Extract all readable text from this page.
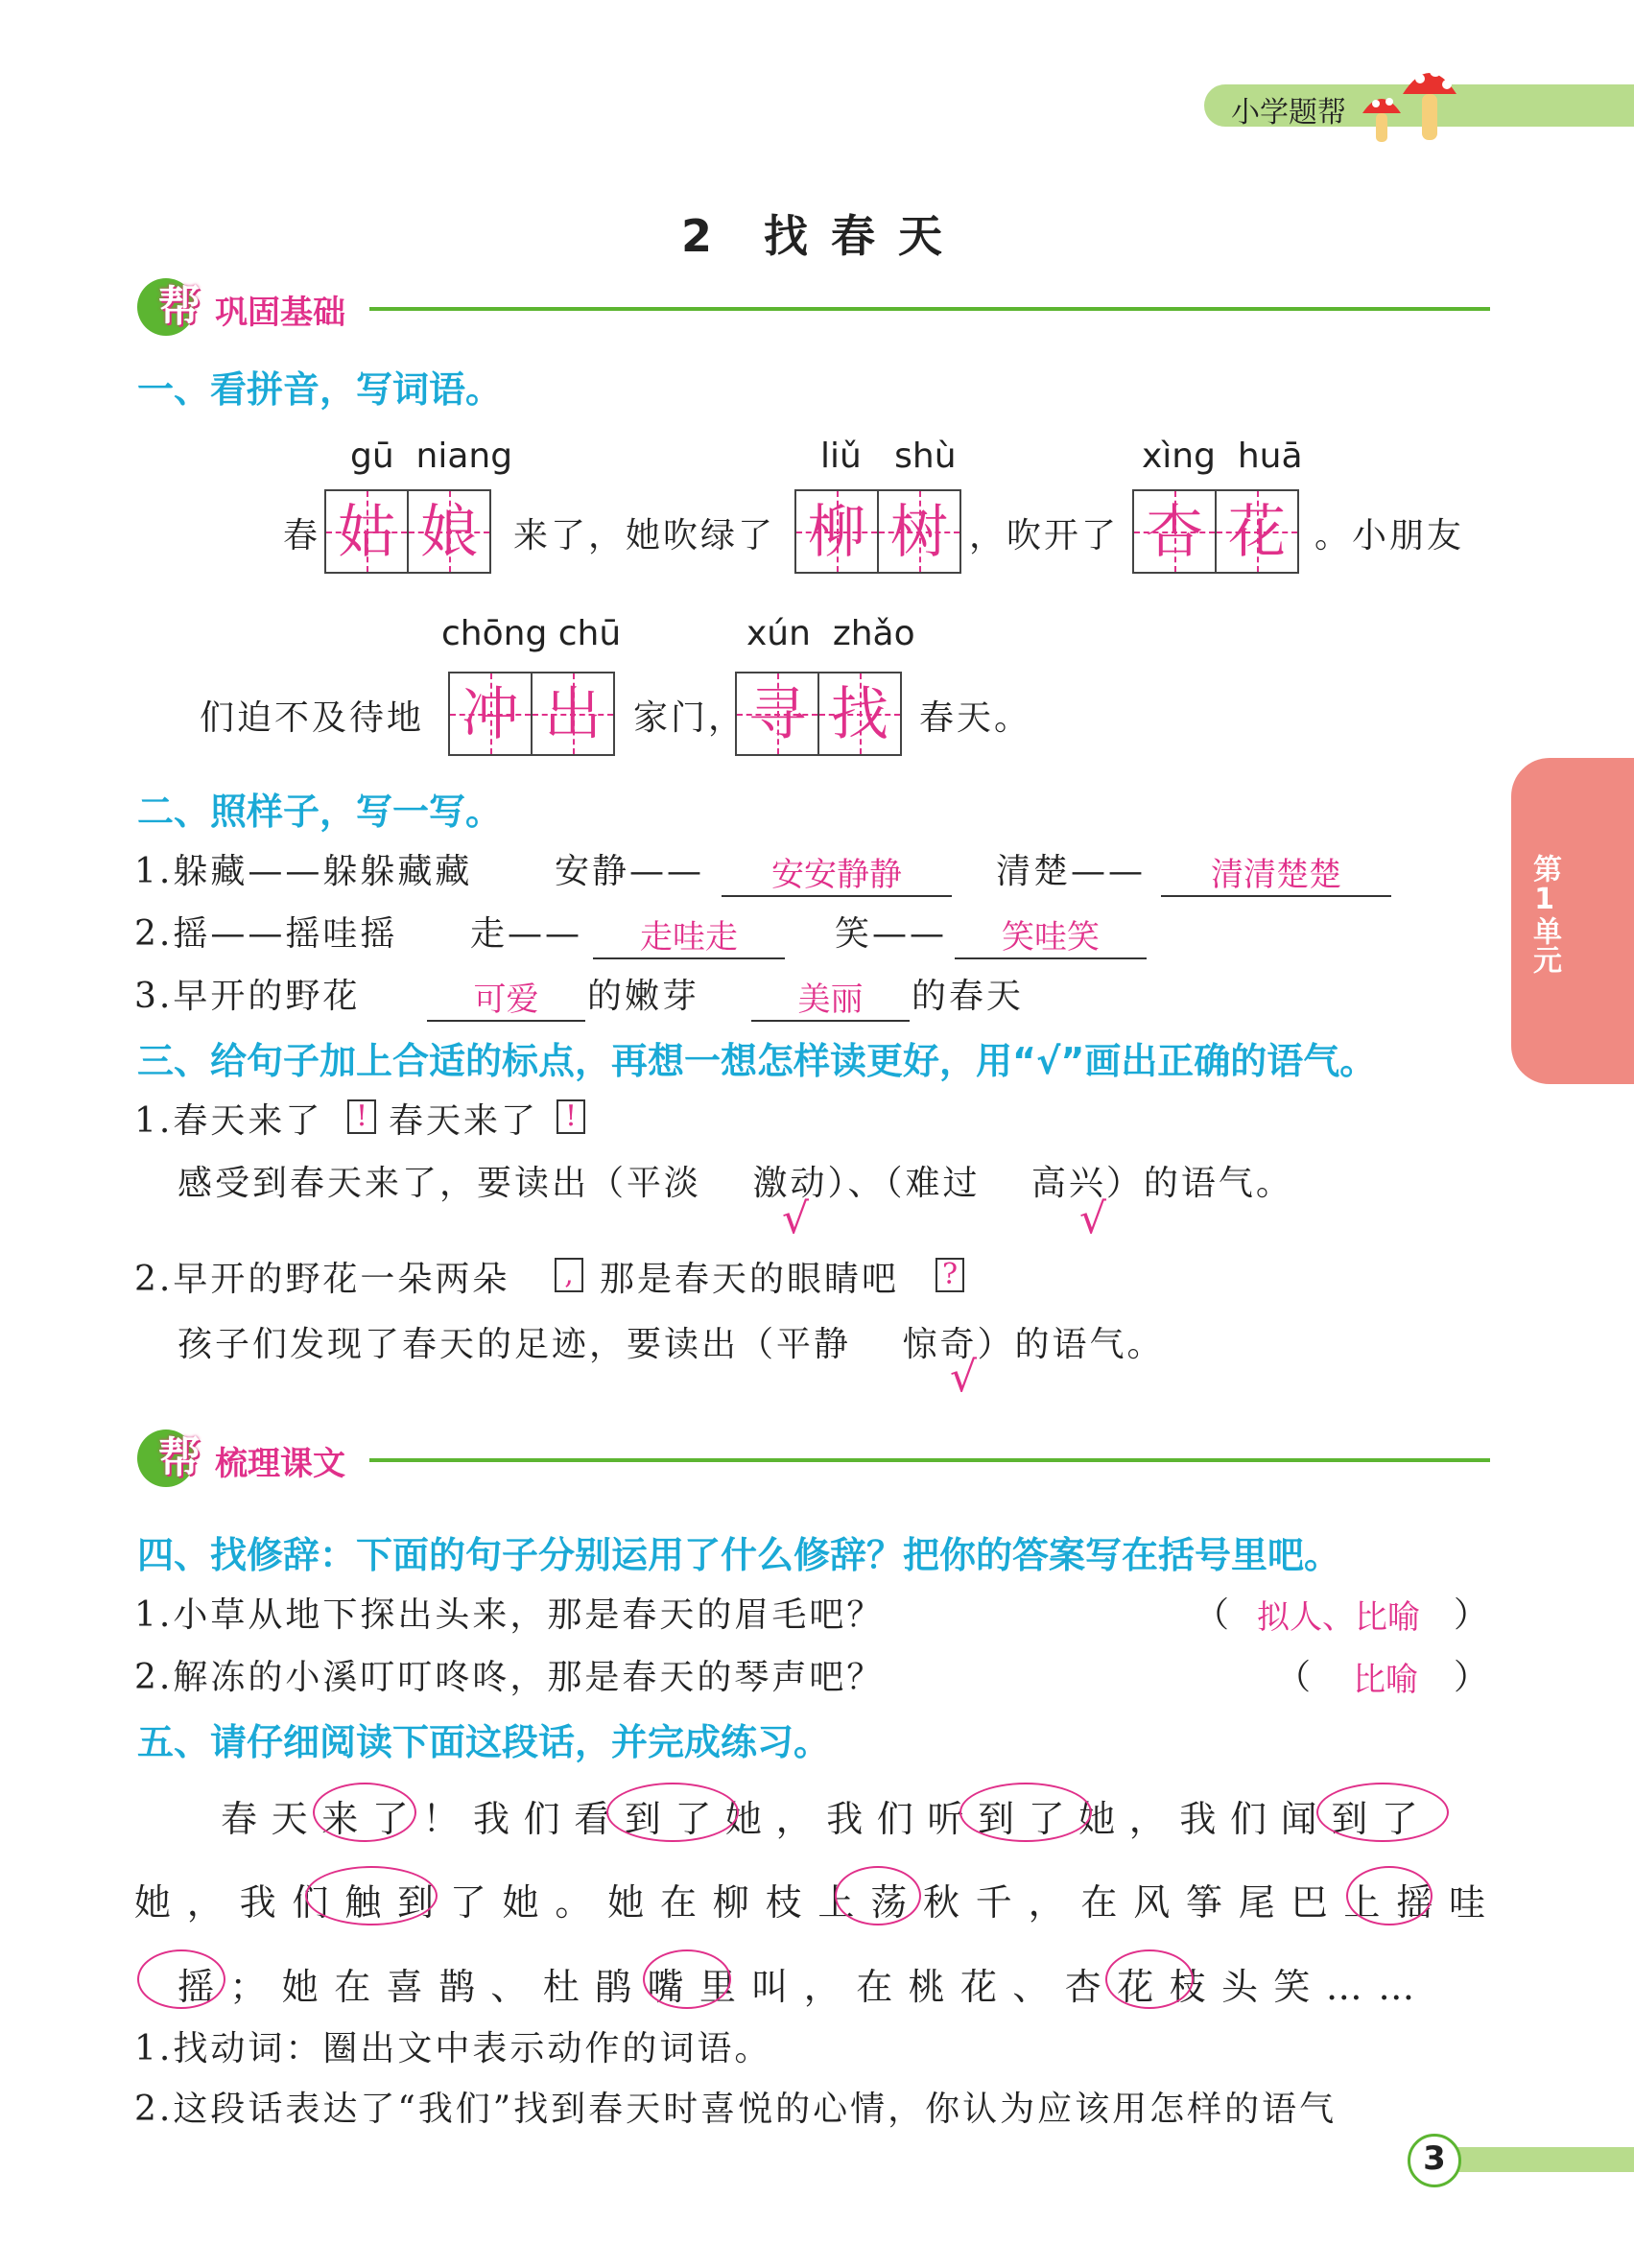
小学题帮
第1单元
2　找 春 天
帮 巩固基础
一、看拼音，写词语。
gū  niang	liǔ   shù	xìng  huā
春 姑 娘	来了，她吹绿了 柳 树 ，吹开了 杏 花 。小朋友
chōng chū	xún  zhǎo
们迫不及待地 冲 出 家门， 寻 找 春天。
二、照样子，写一写。
1.躲藏——躲躲藏藏 安静——	安安静静	清楚——	清清楚楚
2.摇——摇哇摇 走——	走哇走	笑——	笑哇笑
3.早开的野花	可爱	的嫩芽	美丽	的春天
三、给句子加上合适的标点，再想一想怎样读更好，用“√”画出正确的语气。
1.春天来了 ! 春天来了 !
感受到春天来了，要读出（平淡　 激动）、（难过　 高兴）的语气。
√	√
2.早开的野花一朵两朵	, 那是春天的眼睛吧 ?
孩子们发现了春天的足迹，要读出（平静　 惊奇）的语气。
√
帮 梳理课文
四、找修辞：下面的句子分别运用了什么修辞？把你的答案写在括号里吧。
1.小草从地下探出头来，那是春天的眉毛吧？	（ 拟人、比喻 ）
2.解冻的小溪叮叮咚咚，那是春天的琴声吧？	（ 比喻 ）
五、请仔细阅读下面这段话，并完成练习。
春天来了！我们看到了她，我们听到了她，我们闻到了
她，我们触到了她。她在柳枝上荡秋千，在风筝尾巴上摇哇
摇；她在喜鹊、杜鹃嘴里叫，在桃花、杏花枝头笑……
1.找动词：圈出文中表示动作的词语。
2.这段话表达了“我们”找到春天时喜悦的心情，你认为应该用怎样的语气
3
